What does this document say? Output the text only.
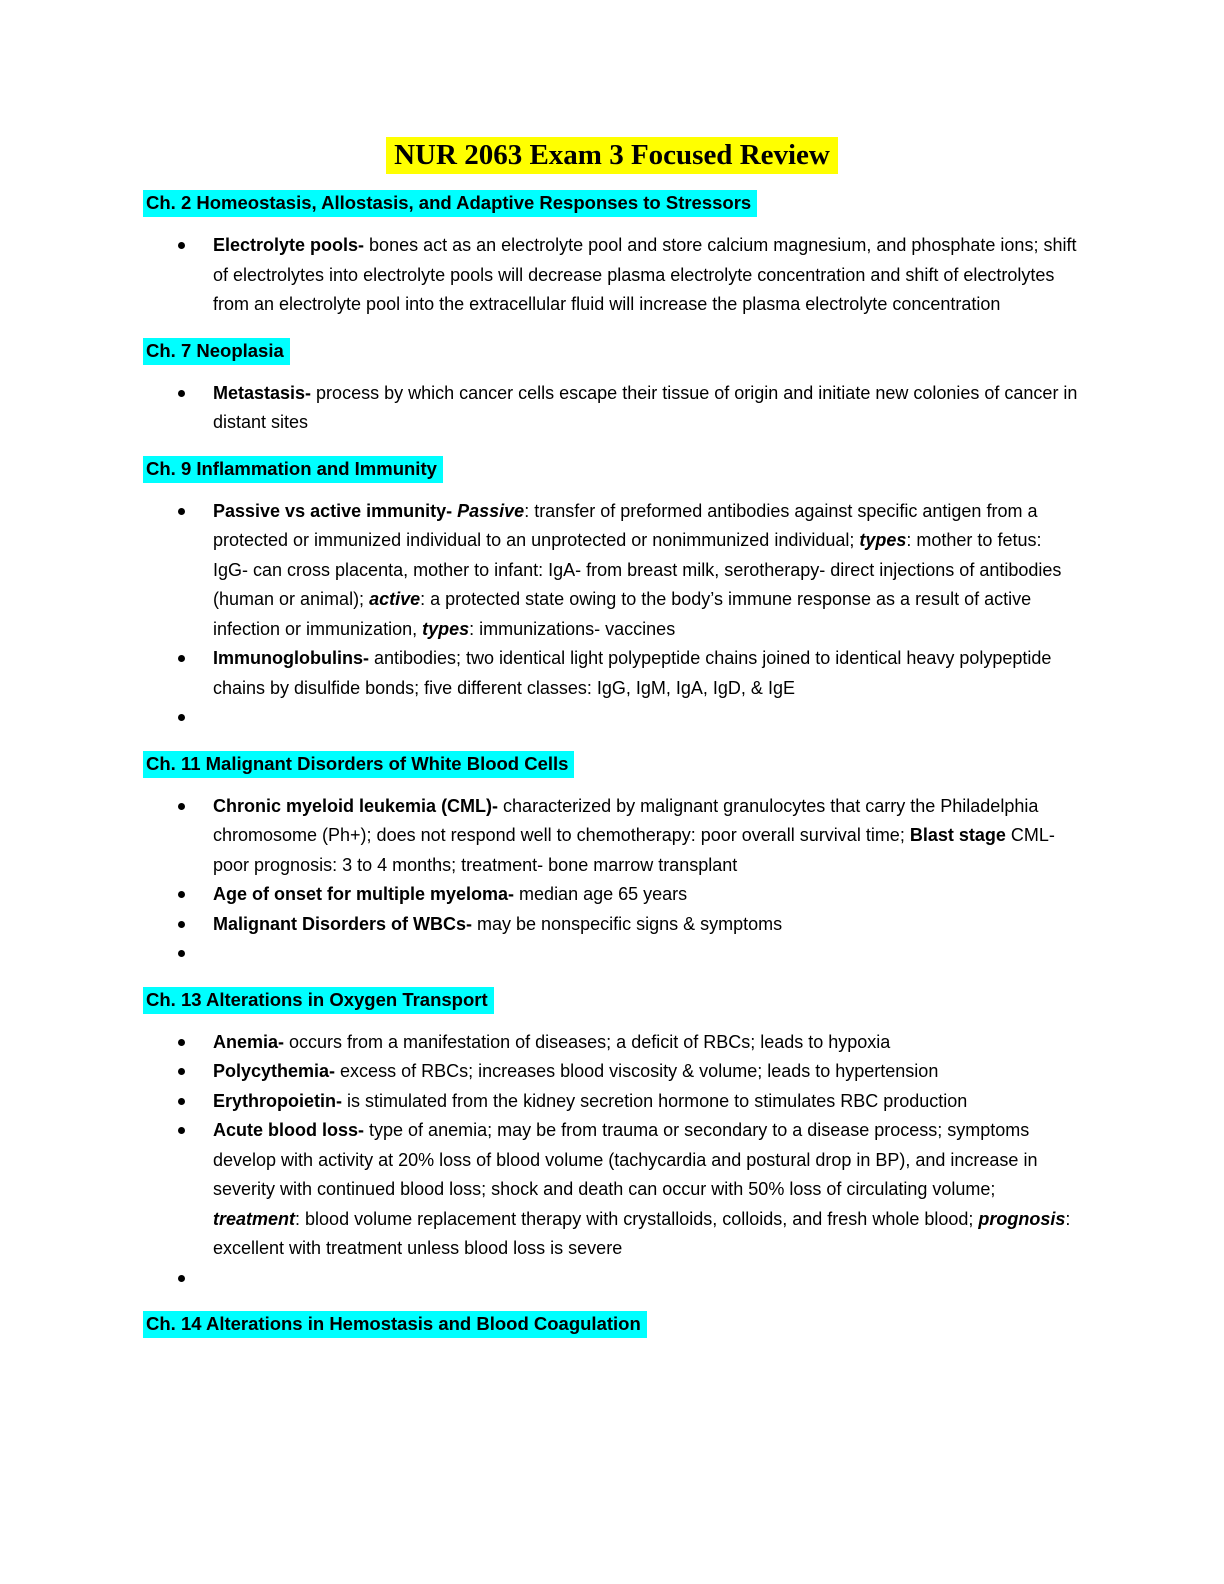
NUR 2063 Exam 3 Focused Review
Ch. 2 Homeostasis, Allostasis, and Adaptive Responses to Stressors

Electrolyte pools- bones act as an electrolyte pool and store calcium magnesium, and phosphate ions; shift of electrolytes into electrolyte pools will decrease plasma electrolyte concentration and shift of electrolytes from an electrolyte pool into the extracellular fluid will increase the plasma electrolyte concentration

Ch. 7 Neoplasia

Metastasis- process by which cancer cells escape their tissue of origin and initiate new colonies of cancer in distant sites

Ch. 9 Inflammation and Immunity

Passive vs active immunity- Passive: transfer of preformed antibodies against specific antigen from a protected or immunized individual to an unprotected or nonimmunized individual; types: mother to fetus: IgG- can cross placenta, mother to infant: IgA- from breast milk, serotherapy- direct injections of antibodies (human or animal); active: a protected state owing to the body’s immune response as a result of active infection or immunization, types: immunizations- vaccines

Immunoglobulins- antibodies; two identical light polypeptide chains joined to identical heavy polypeptide chains by disulfide bonds; five different classes: IgG, IgM, IgA, IgD, & IgE

Ch. 11 Malignant Disorders of White Blood Cells

Chronic myeloid leukemia (CML)- characterized by malignant granulocytes that carry the Philadelphia chromosome (Ph+); does not respond well to chemotherapy: poor overall survival time; Blast stage CML- poor prognosis: 3 to 4 months; treatment- bone marrow transplant

Age of onset for multiple myeloma- median age 65 years

Malignant Disorders of WBCs- may be nonspecific signs & symptoms

Ch. 13 Alterations in Oxygen Transport

Anemia- occurs from a manifestation of diseases; a deficit of RBCs; leads to hypoxia

Polycythemia- excess of RBCs; increases blood viscosity & volume; leads to hypertension

Erythropoietin- is stimulated from the kidney secretion hormone to stimulates RBC production

Acute blood loss- type of anemia; may be from trauma or secondary to a disease process; symptoms develop with activity at 20% loss of blood volume (tachycardia and postural drop in BP), and increase in severity with continued blood loss; shock and death can occur with 50% loss of circulating volume; treatment: blood volume replacement therapy with crystalloids, colloids, and fresh whole blood; prognosis: excellent with treatment unless blood loss is severe

Ch. 14 Alterations in Hemostasis and Blood Coagulation
